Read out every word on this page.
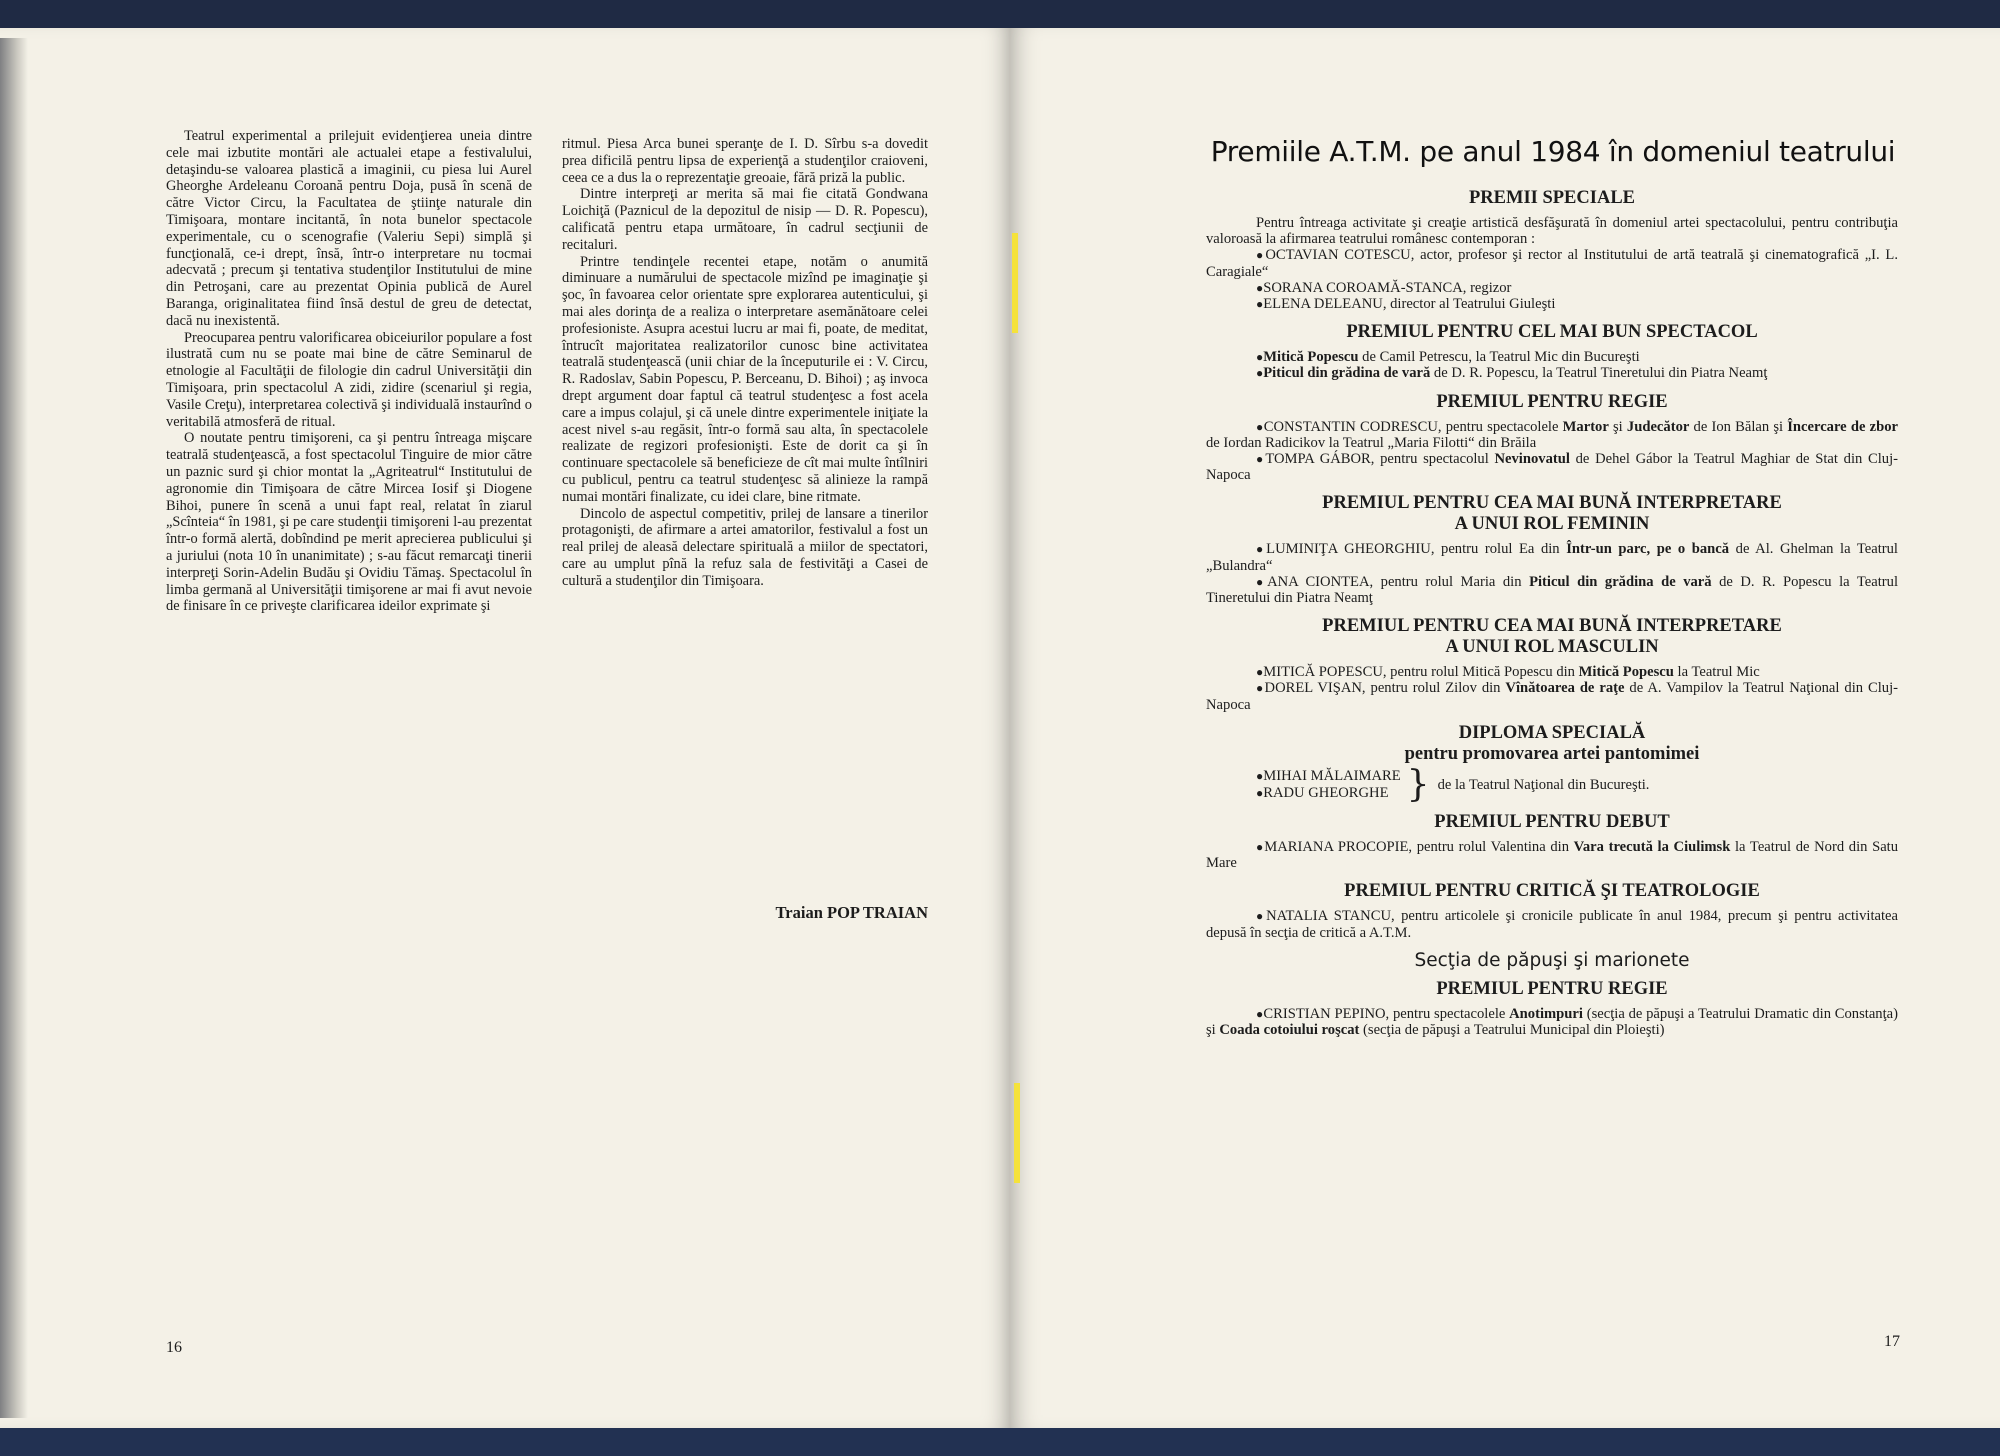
Teatrul experimental a prilejuit evidenţierea uneia dintre cele mai izbutite montări ale actualei etape a festivalului, detaşindu-se valoarea plastică a imaginii, cu piesa lui Aurel Gheorghe Ardeleanu Coroană pentru Doja, pusă în scenă de către Victor Circu, la Facultatea de ştiinţe naturale din Timişoara, montare incitantă, în nota bunelor spectacole experimentale, cu o scenografie (Valeriu Sepi) simplă şi funcţională, ce-i drept, însă, într-o interpretare nu tocmai adecvată ; precum şi tentativa studenţilor Institutului de mine din Petroşani, care au prezentat Opinia publică de Aurel Baranga, originalitatea fiind însă destul de greu de detectat, dacă nu inexistentă.

Preocuparea pentru valorificarea obiceiurilor populare a fost ilustrată cum nu se poate mai bine de către Seminarul de etnologie al Facultăţii de filologie din cadrul Universităţii din Timişoara, prin spectacolul A zidi, zidire (scenariul şi regia, Vasile Creţu), interpretarea colectivă şi individuală instaurînd o veritabilă atmosferă de ritual.

O noutate pentru timişoreni, ca şi pentru întreaga mişcare teatrală studenţească, a fost spectacolul Tinguire de mior către un paznic surd şi chior montat la „Agriteatrul“ Institutului de agronomie din Timişoara de către Mircea Iosif şi Diogene Bihoi, punere în scenă a unui fapt real, relatat în ziarul „Scînteia“ în 1981, şi pe care studenţii timişoreni l-au prezentat într-o formă alertă, dobîndind pe merit aprecierea publicului şi a juriului (nota 10 în unanimitate) ; s-au făcut remarcaţi tinerii interpreţi Sorin-Adelin Budău şi Ovidiu Tămaş. Spectacolul în limba germană al Universităţii timişorene ar mai fi avut nevoie de finisare în ce priveşte clarificarea ideilor exprimate şi

ritmul. Piesa Arca bunei speranţe de I. D. Sîrbu s-a dovedit prea dificilă pentru lipsa de experienţă a studenţilor craioveni, ceea ce a dus la o reprezentaţie greoaie, fără priză la public.

Dintre interpreţi ar merita să mai fie citată Gondwana Loichiţă (Paznicul de la depozitul de nisip — D. R. Popescu), calificată pentru etapa următoare, în cadrul secţiunii de recitaluri.

Printre tendinţele recentei etape, notăm o anumită diminuare a numărului de spectacole mizînd pe imaginaţie şi şoc, în favoarea celor orientate spre explorarea autenticului, şi mai ales dorinţa de a realiza o interpretare asemănătoare celei profesioniste. Asupra acestui lucru ar mai fi, poate, de meditat, întrucît majoritatea realizatorilor cunosc bine activitatea teatrală studenţească (unii chiar de la începuturile ei : V. Circu, R. Radoslav, Sabin Popescu, P. Berceanu, D. Bihoi) ; aş invoca drept argument doar faptul că teatrul studenţesc a fost acela care a impus colajul, şi că unele dintre experimentele iniţiate la acest nivel s-au regăsit, într-o formă sau alta, în spectacolele realizate de regizori profesionişti. Este de dorit ca şi în continuare spectacolele să beneficieze de cît mai multe întîlniri cu publicul, pentru ca teatrul studenţesc să alinieze la rampă numai montări finalizate, cu idei clare, bine ritmate.

Dincolo de aspectul competitiv, prilej de lansare a tinerilor protagonişti, de afirmare a artei amatorilor, festivalul a fost un real prilej de aleasă delectare spirituală a miilor de spectatori, care au umplut pînă la refuz sala de festivităţi a Casei de cultură a studenţilor din Timişoara.

Traian POP TRAIAN
16
Premiile A.T.M. pe anul 1984 în domeniul teatrului
PREMII SPECIALE

Pentru întreaga activitate şi creaţie artistică desfăşurată în domeniul artei spectacolului, pentru contribuţia valoroasă la afirmarea teatrului românesc contemporan :

● OCTAVIAN COTESCU, actor, profesor şi rector al Institutului de artă teatrală şi cinematografică „I. L. Caragiale“

● SORANA COROAMĂ-STANCA, regizor

● ELENA DELEANU, director al Teatrului Giuleşti

PREMIUL PENTRU CEL MAI BUN SPECTACOL

● Mitică Popescu de Camil Petrescu, la Teatrul Mic din Bucureşti

● Piticul din grădina de vară de D. R. Popescu, la Teatrul Tineretului din Piatra Neamţ

PREMIUL PENTRU REGIE

● CONSTANTIN CODRESCU, pentru spectacolele Martor şi Judecător de Ion Bălan şi Încercare de zbor de Iordan Radicikov la Teatrul „Maria Filotti“ din Brăila

● TOMPA GÁBOR, pentru spectacolul Nevinovatul de Dehel Gábor la Teatrul Maghiar de Stat din Cluj-Napoca

PREMIUL PENTRU CEA MAI BUNĂ INTERPRETARE
A UNUI ROL FEMININ

● LUMINIŢA GHEORGHIU, pentru rolul Ea din Într-un parc, pe o bancă de Al. Ghelman la Teatrul „Bulandra“

● ANA CIONTEA, pentru rolul Maria din Piticul din grădina de vară de D. R. Popescu la Teatrul Tineretului din Piatra Neamţ

PREMIUL PENTRU CEA MAI BUNĂ INTERPRETARE
A UNUI ROL MASCULIN

● MITICĂ POPESCU, pentru rolul Mitică Popescu din Mitică Popescu la Teatrul Mic

● DOREL VIŞAN, pentru rolul Zilov din Vînătoarea de raţe de A. Vampilov la Teatrul Naţional din Cluj-Napoca

DIPLOMA SPECIALĂ
pentru promovarea artei pantomimei
● MIHAI MĂLAIMARE
● RADU GHEORGHE } de la Teatrul Naţional din Bucureşti.
PREMIUL PENTRU DEBUT

● MARIANA PROCOPIE, pentru rolul Valentina din Vara trecută la Ciulimsk la Teatrul de Nord din Satu Mare

PREMIUL PENTRU CRITICĂ ŞI TEATROLOGIE

● NATALIA STANCU, pentru articolele şi cronicile publicate în anul 1984, precum şi pentru activitatea depusă în secţia de critică a A.T.M.

Secţia de păpuşi şi marionete
PREMIUL PENTRU REGIE

● CRISTIAN PEPINO, pentru spectacolele Anotimpuri (secţia de păpuşi a Teatrului Dramatic din Constanţa) şi Coada cotoiului roşcat (secţia de păpuşi a Teatrului Municipal din Ploieşti)

17
